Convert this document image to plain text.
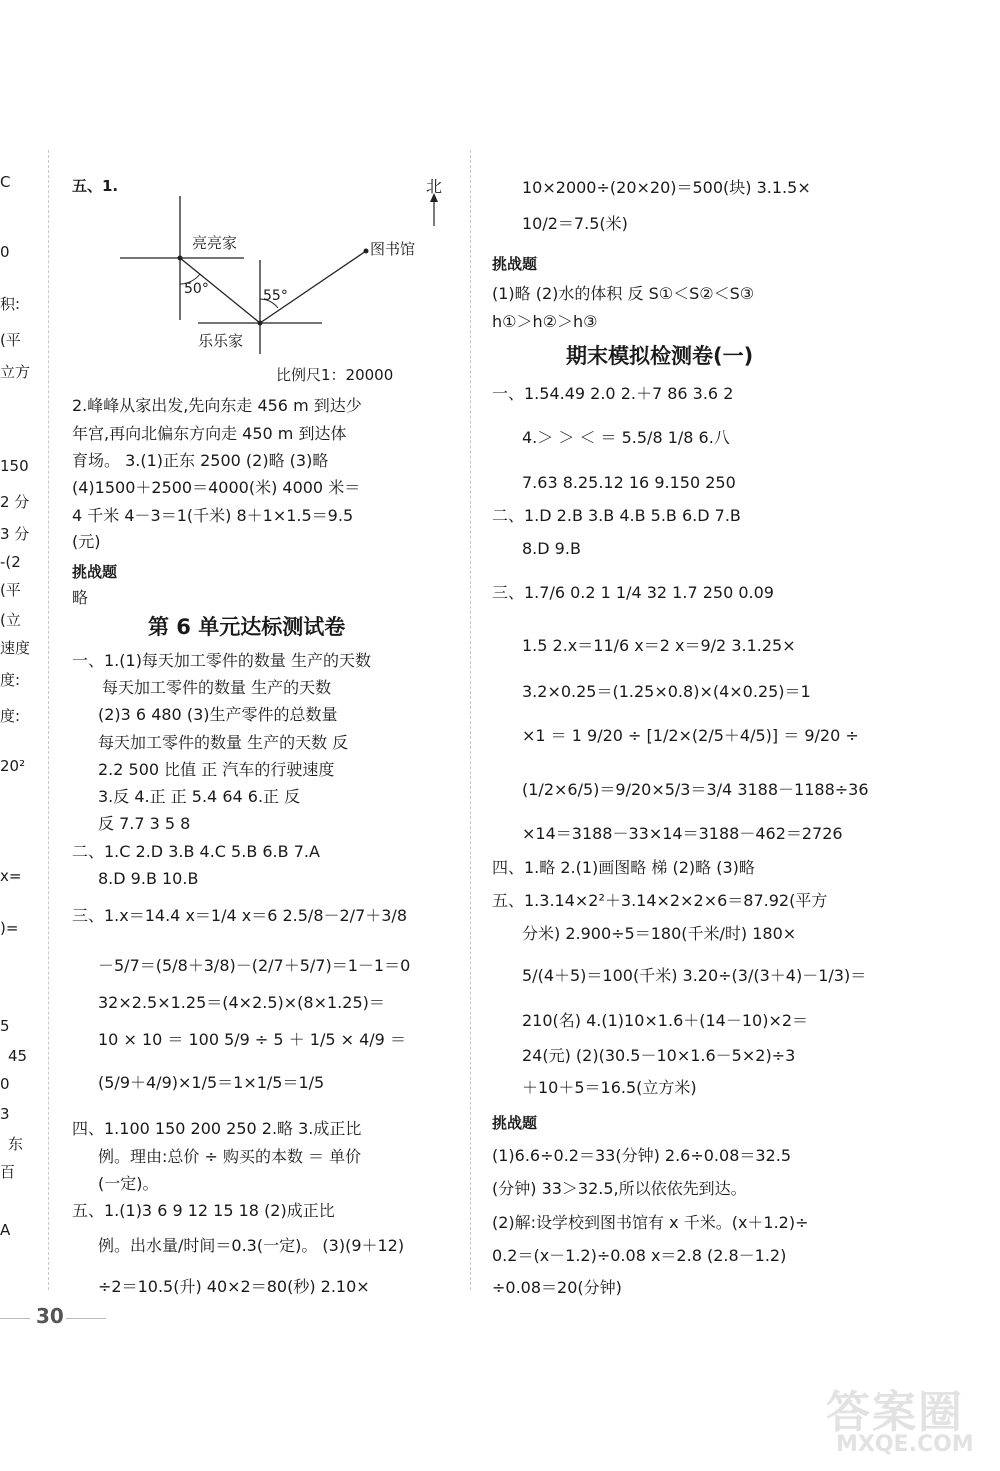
C
0
积:
(平
立方
150
2 分
3 分
-(2
(平
(立
速度
度:
度:
20²
x=
)=
5
45
0
3
东
百
A
北
亮亮家	图书馆
乐乐家
50°	55°
比例尺1：20000
五、1.
2.峰峰从家出发,先向东走 456 m 到达少
年宫,再向北偏东方向走 450 m 到达体
育场。 3.(1)正东 2500 (2)略 (3)略
(4)1500＋2500＝4000(米) 4000 米＝
4 千米 4－3＝1(千米) 8＋1×1.5＝9.5
(元)
挑战题
略
第 6 单元达标测试卷
一、1.(1)每天加工零件的数量 生产的天数
每天加工零件的数量 生产的天数
(2)3 6 480 (3)生产零件的总数量
每天加工零件的数量 生产的天数 反
2.2 500 比值 正 汽车的行驶速度
3.反 4.正 正 5.4 64 6.正 反
反 7.7 3 5 8
二、1.C 2.D 3.B 4.C 5.B 6.B 7.A
8.D 9.B 10.B
三、1.x＝14.4 x＝1/4 x＝6 2.5/8－2/7＋3/8
－5/7＝(5/8＋3/8)－(2/7＋5/7)＝1－1＝0
32×2.5×1.25＝(4×2.5)×(8×1.25)＝
10 × 10 ＝ 100 5/9 ÷ 5 ＋ 1/5 × 4/9 ＝
(5/9＋4/9)×1/5＝1×1/5＝1/5
四、1.100 150 200 250 2.略 3.成正比
例。理由:总价 ÷ 购买的本数 ＝ 单价
(一定)。
五、1.(1)3 6 9 12 15 18 (2)成正比
例。出水量/时间＝0.3(一定)。 (3)(9＋12)
÷2＝10.5(升) 40×2＝80(秒) 2.10×
10×2000÷(20×20)＝500(块) 3.1.5×
10/2＝7.5(米)
挑战题
(1)略 (2)水的体积 反 S①＜S②＜S③
h①＞h②＞h③
期末模拟检测卷(一)
一、1.54.49 2.0 2.＋7 86 3.6 2
4.＞ ＞ ＜ ＝ 5.5/8 1/8 6.八
7.63 8.25.12 16 9.150 250
二、1.D 2.B 3.B 4.B 5.B 6.D 7.B
8.D 9.B
三、1.7/6 0.2 1 1/4 32 1.7 250 0.09
1.5 2.x＝11/6 x＝2 x＝9/2 3.1.25×
3.2×0.25＝(1.25×0.8)×(4×0.25)＝1
×1 ＝ 1 9/20 ÷ [1/2×(2/5＋4/5)] ＝ 9/20 ÷
(1/2×6/5)＝9/20×5/3＝3/4 3188－1188÷36
×14＝3188－33×14＝3188－462＝2726
四、1.略 2.(1)画图略 梯 (2)略 (3)略
五、1.3.14×2²＋3.14×2×2×6＝87.92(平方
分米) 2.900÷5＝180(千米/时) 180×
5/(4＋5)＝100(千米) 3.20÷(3/(3＋4)－1/3)＝
210(名) 4.(1)10×1.6＋(14－10)×2＝
24(元) (2)(30.5－10×1.6－5×2)÷3
＋10＋5＝16.5(立方米)
挑战题
(1)6.6÷0.2＝33(分钟) 2.6÷0.08＝32.5
(分钟) 33＞32.5,所以依依先到达。
(2)解:设学校到图书馆有 x 千米。(x＋1.2)÷
0.2＝(x－1.2)÷0.08 x＝2.8 (2.8－1.2)
÷0.08＝20(分钟)
30
答案圈
MXQE.COM
